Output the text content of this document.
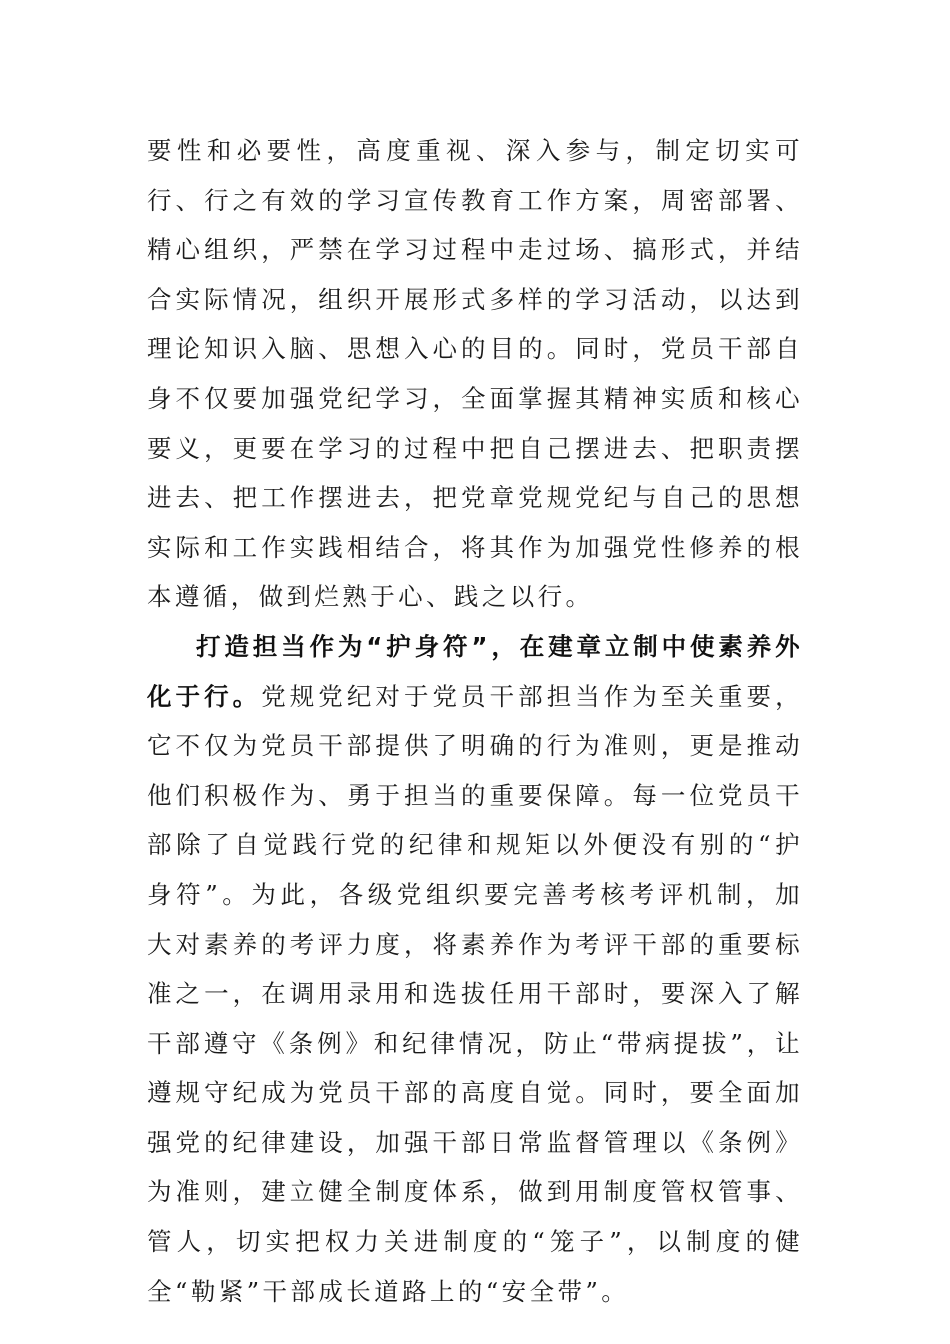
要性和必要性，高度重视、深入参与，制定切实可行、行之有效的学习宣传教育工作方案，周密部署、精心组织，严禁在学习过程中走过场、搞形式，并结合实际情况，组织开展形式多样的学习活动，以达到理论知识入脑、思想入心的目的。同时，党员干部自身不仅要加强党纪学习，全面掌握其精神实质和核心要义，更要在学习的过程中把自己摆进去、把职责摆进去、把工作摆进去，把党章党规党纪与自己的思想实际和工作实践相结合，将其作为加强党性修养的根本遵循，做到烂熟于心、践之以行。

打造担当作为“护身符”，在建章立制中使素养外化于行。党规党纪对于党员干部担当作为至关重要，它不仅为党员干部提供了明确的行为准则，更是推动他们积极作为、勇于担当的重要保障。每一位党员干部除了自觉践行党的纪律和规矩以外便没有别的“护身符”。为此，各级党组织要完善考核考评机制，加大对素养的考评力度，将素养作为考评干部的重要标准之一，在调用录用和选拔任用干部时，要深入了解干部遵守《条例》和纪律情况，防止“带病提拔”，让遵规守纪成为党员干部的高度自觉。同时，要全面加强党的纪律建设，加强干部日常监督管理以《条例》为准则，建立健全制度体系，做到用制度管权管事、管人，切实把权力关进制度的“笼子”，以制度的健全“勒紧”干部成长道路上的“安全带”。
